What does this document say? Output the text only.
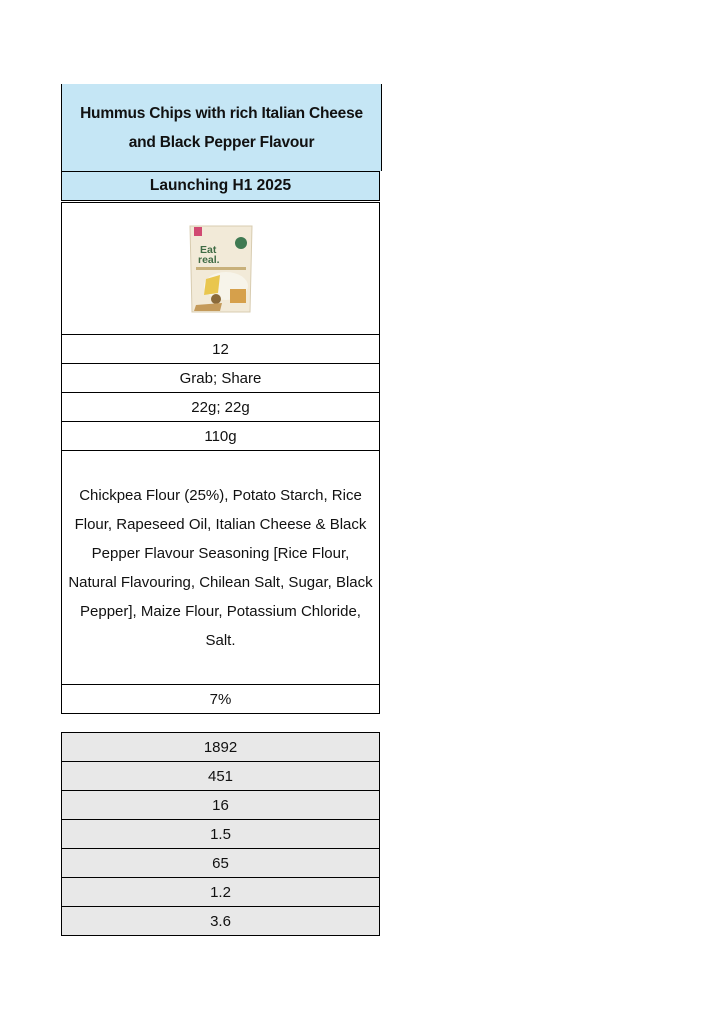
Hummus Chips with rich Italian Cheese and Black Pepper Flavour
Launching H1 2025
Eat
real.
12
Grab; Share
22g; 22g
110g
Chickpea Flour (25%), Potato Starch, Rice Flour, Rapeseed Oil, Italian Cheese & Black Pepper Flavour Seasoning [Rice Flour, Natural Flavouring, Chilean Salt, Sugar, Black Pepper], Maize Flour, Potassium Chloride, Salt.
7%
1892
451
16
1.5
65
1.2
3.6
